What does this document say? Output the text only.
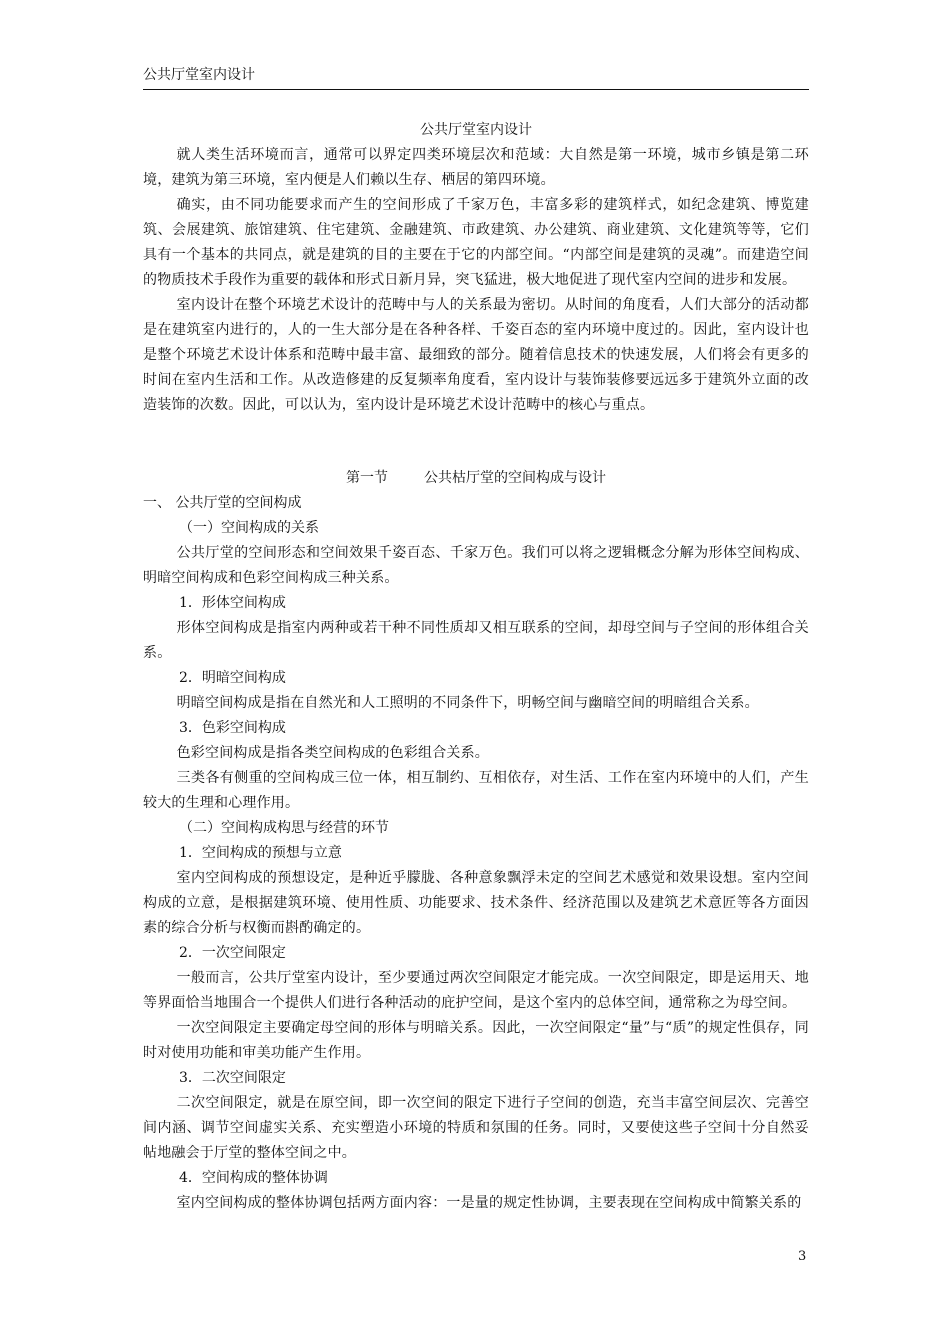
公共厅堂室内设计

公共厅堂室内设计

就人类生活环境而言，通常可以界定四类环境层次和范域：大自然是第一环境，城市乡镇是第二环境，建筑为第三环境，室内便是人们赖以生存、栖居的第四环境。

确实，由不同功能要求而产生的空间形成了千家万色，丰富多彩的建筑样式，如纪念建筑、博览建筑、会展建筑、旅馆建筑、住宅建筑、金融建筑、市政建筑、办公建筑、商业建筑、文化建筑等等，它们具有一个基本的共同点，就是建筑的目的主要在于它的内部空间。“内部空间是建筑的灵魂”。而建造空间的物质技术手段作为重要的载体和形式日新月异，突飞猛进，极大地促进了现代室内空间的进步和发展。

室内设计在整个环境艺术设计的范畴中与人的关系最为密切。从时间的角度看，人们大部分的活动都是在建筑室内进行的，人的一生大部分是在各种各样、千姿百态的室内环境中度过的。因此，室内设计也是整个环境艺术设计体系和范畴中最丰富、最细致的部分。随着信息技术的快速发展，人们将会有更多的时间在室内生活和工作。从改造修建的反复频率角度看，室内设计与装饰装修要远远多于建筑外立面的改造装饰的次数。因此，可以认为，室内设计是环境艺术设计范畴中的核心与重点。

第一节	公共枯厅堂的空间构成与设计

一、 公共厅堂的空间构成

（一）空间构成的关系

公共厅堂的空间形态和空间效果千姿百态、千家万色。我们可以将之逻辑概念分解为形体空间构成、明暗空间构成和色彩空间构成三种关系。

1．形体空间构成

形体空间构成是指室内两种或若干种不同性质却又相互联系的空间，却母空间与子空间的形体组合关系。

2．明暗空间构成

明暗空间构成是指在自然光和人工照明的不同条件下，明畅空间与幽暗空间的明暗组合关系。

3．色彩空间构成

色彩空间构成是指各类空间构成的色彩组合关系。

三类各有侧重的空间构成三位一体，相互制约、互相依存，对生活、工作在室内环境中的人们，产生较大的生理和心理作用。

（二）空间构成构思与经营的环节

1．空间构成的预想与立意

室内空间构成的预想设定，是种近乎朦胧、各种意象飘浮未定的空间艺术感觉和效果设想。室内空间构成的立意，是根据建筑环境、使用性质、功能要求、技术条件、经济范围以及建筑艺术意匠等各方面因素的综合分析与权衡而斟酌确定的。

2．一次空间限定

一般而言，公共厅堂室内设计，至少要通过两次空间限定才能完成。一次空间限定，即是运用天、地等界面恰当地围合一个提供人们进行各种活动的庇护空间，是这个室内的总体空间，通常称之为母空间。

一次空间限定主要确定母空间的形体与明暗关系。因此，一次空间限定“量”与“质”的规定性俱存，同时对使用功能和审美功能产生作用。

3．二次空间限定

二次空间限定，就是在原空间，即一次空间的限定下进行子空间的创造，充当丰富空间层次、完善空间内涵、调节空间虚实关系、充实塑造小环境的特质和氛围的任务。同时，又要使这些子空间十分自然妥帖地融会于厅堂的整体空间之中。

4．空间构成的整体协调

室内空间构成的整体协调包括两方面内容：一是量的规定性协调，主要表现在空间构成中简繁关系的

3
